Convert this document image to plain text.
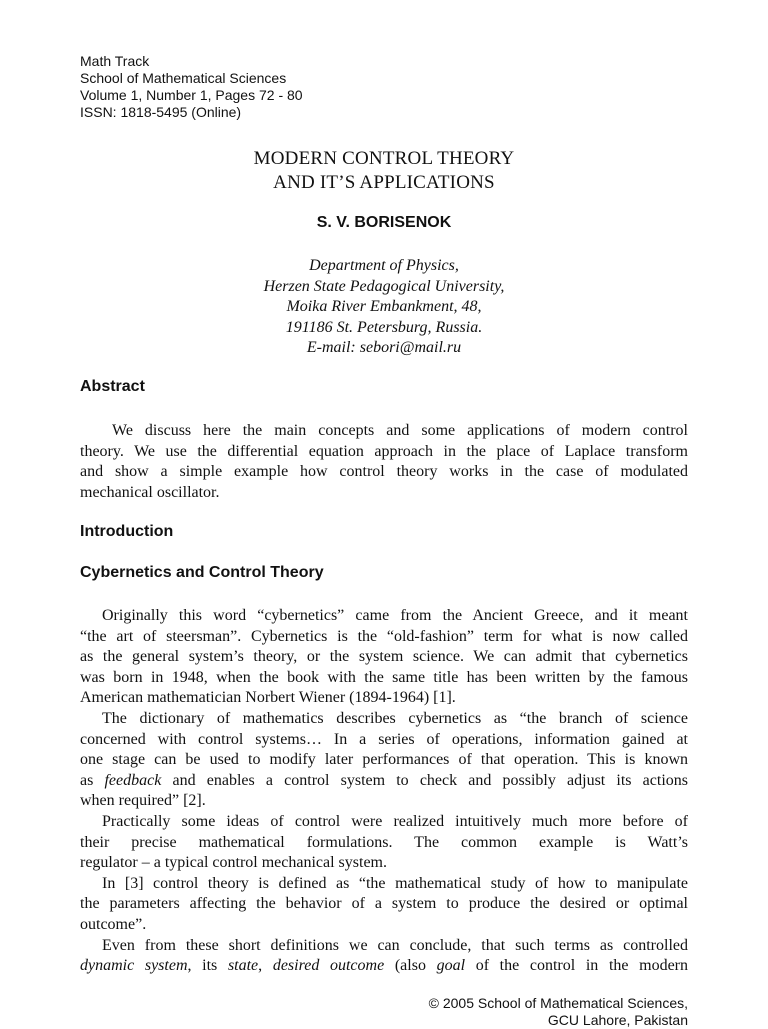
Math Track
School of Mathematical Sciences
Volume 1, Number 1, Pages 72 - 80
ISSN: 1818-5495 (Online)
MODERN CONTROL THEORY
AND IT’S APPLICATIONS
S. V. BORISENOK
Department of Physics,
Herzen State Pedagogical University,
Moika River Embankment, 48,
191186 St. Petersburg, Russia.
E-mail: sebori@mail.ru
Abstract
We discuss here the main concepts and some applications of modern control
theory. We use the differential equation approach in the place of Laplace transform
and show a simple example how control theory works in the case of modulated
mechanical oscillator.
Introduction
Cybernetics and Control Theory
Originally this word “cybernetics” came from the Ancient Greece, and it meant
“the art of steersman”. Cybernetics is the “old-fashion” term for what is now called
as the general system’s theory, or the system science. We can admit that cybernetics
was born in 1948, when the book with the same title has been written by the famous
American mathematician Norbert Wiener (1894-1964) [1].
The dictionary of mathematics describes cybernetics as “the branch of science
concerned with control systems… In a series of operations, information gained at
one stage can be used to modify later performances of that operation. This is known
as feedback and enables a control system to check and possibly adjust its actions
when required” [2].
Practically some ideas of control were realized intuitively much more before of
their precise mathematical formulations. The common example is Watt’s
regulator – a typical control mechanical system.
In [3] control theory is defined as “the mathematical study of how to manipulate
the parameters affecting the behavior of a system to produce the desired or optimal
outcome”.
Even from these short definitions we can conclude, that such terms as controlled
dynamic system, its state, desired outcome (also goal of the control in the modern
© 2005 School of Mathematical Sciences,
GCU Lahore, Pakistan
